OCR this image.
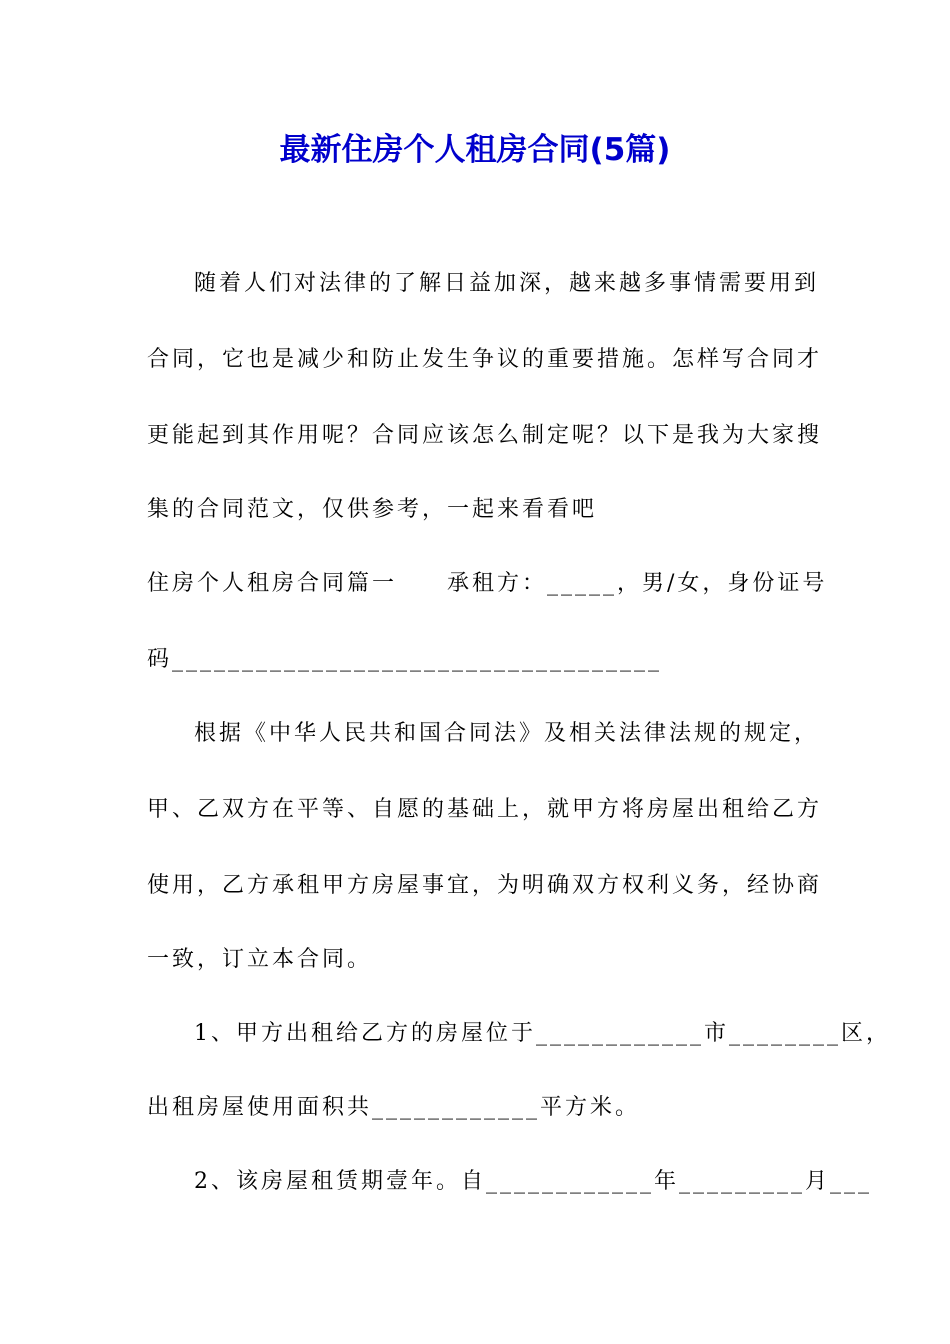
最新住房个人租房合同(5篇)
随着人们对法律的了解日益加深，越来越多事情需要用到
合同，它也是减少和防止发生争议的重要措施。怎样写合同才
更能起到其作用呢？合同应该怎么制定呢？以下是我为大家搜
集的合同范文，仅供参考，一起来看看吧
住房个人租房合同篇一　　承租方：_____，男/女，身份证号
码___________________________________
根据《中华人民共和国合同法》及相关法律法规的规定，
甲、乙双方在平等、自愿的基础上，就甲方将房屋出租给乙方
使用，乙方承租甲方房屋事宜，为明确双方权利义务，经协商
一致，订立本合同。
1、甲方出租给乙方的房屋位于____________市________区，
出租房屋使用面积共____________平方米。
2、该房屋租赁期壹年。自____________年_________月___
